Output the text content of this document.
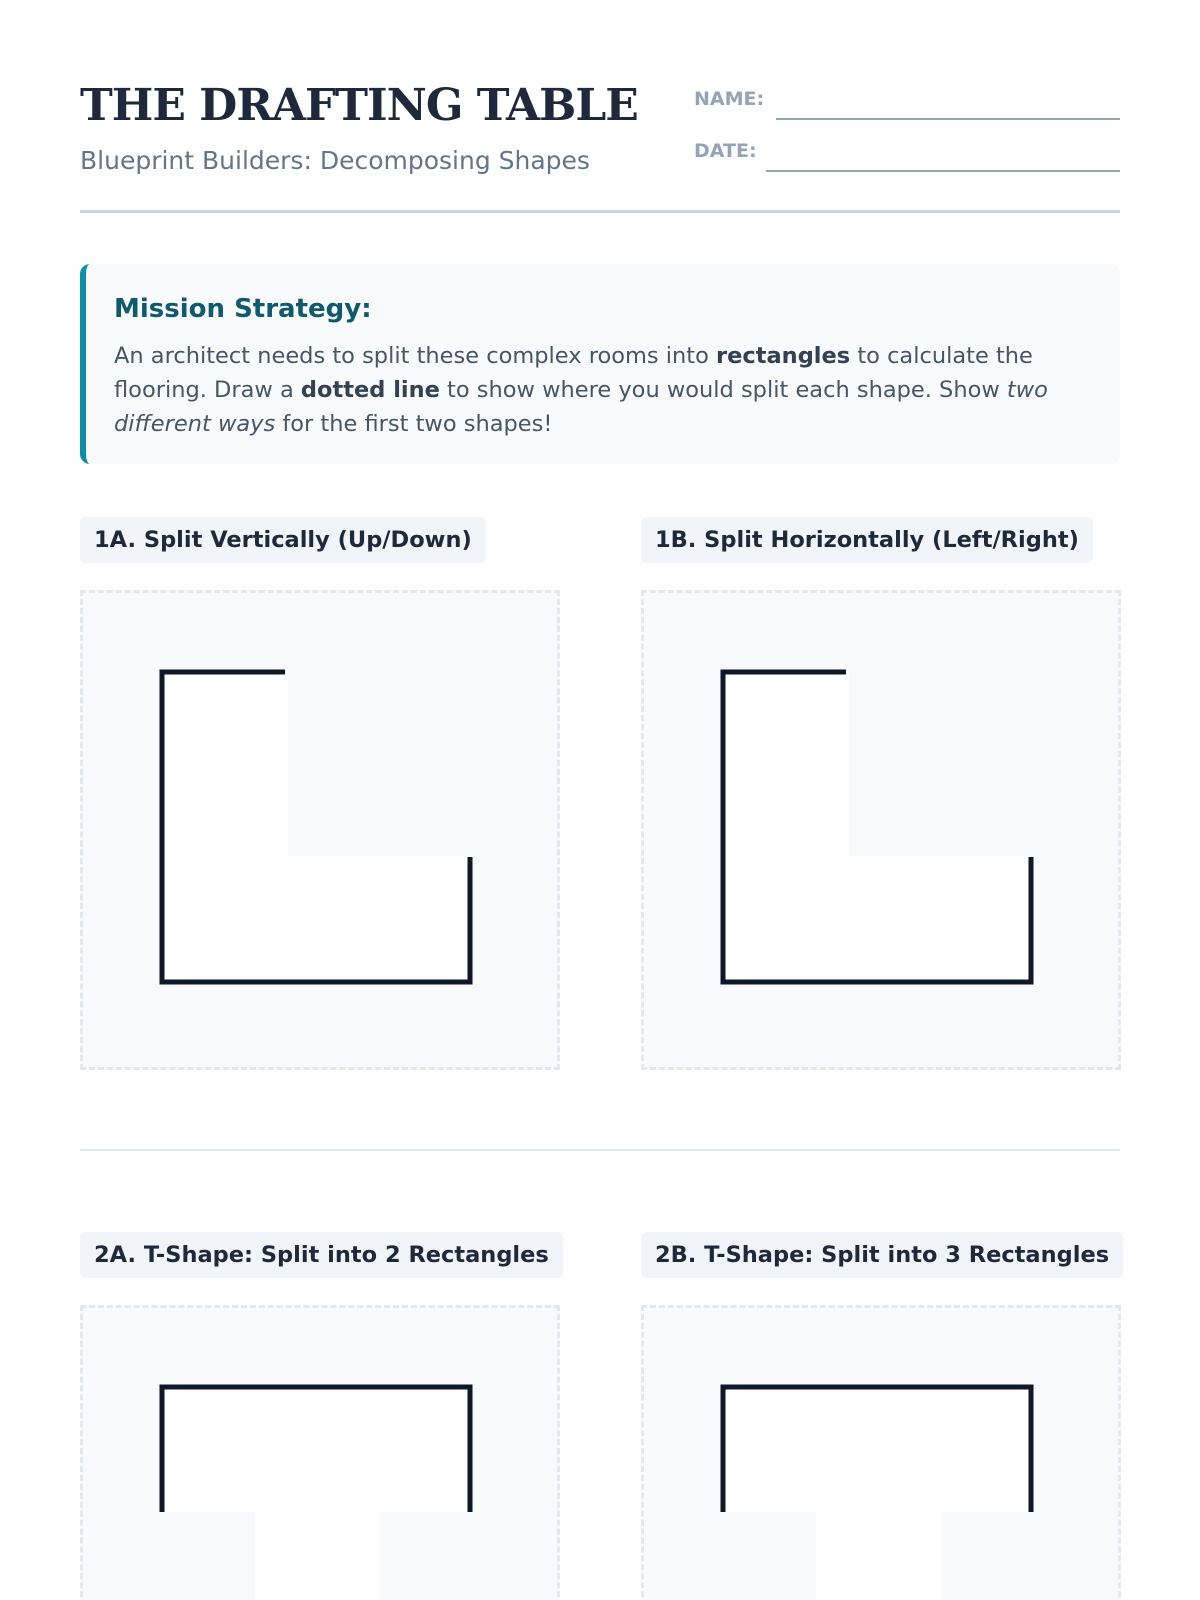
THE DRAFTING TABLE
Blueprint Builders: Decomposing Shapes
NAME:
DATE:
Mission Strategy:

An architect needs to split these complex rooms into rectangles to calculate the flooring. Draw a dotted line to show where you would split each shape. Show two different ways for the first two shapes!

1A. Split Vertically (Up/Down)	1B. Split Horizontally (Left/Right)
2A. T-Shape: Split into 2 Rectangles	2B. T-Shape: Split into 3 Rectangles
